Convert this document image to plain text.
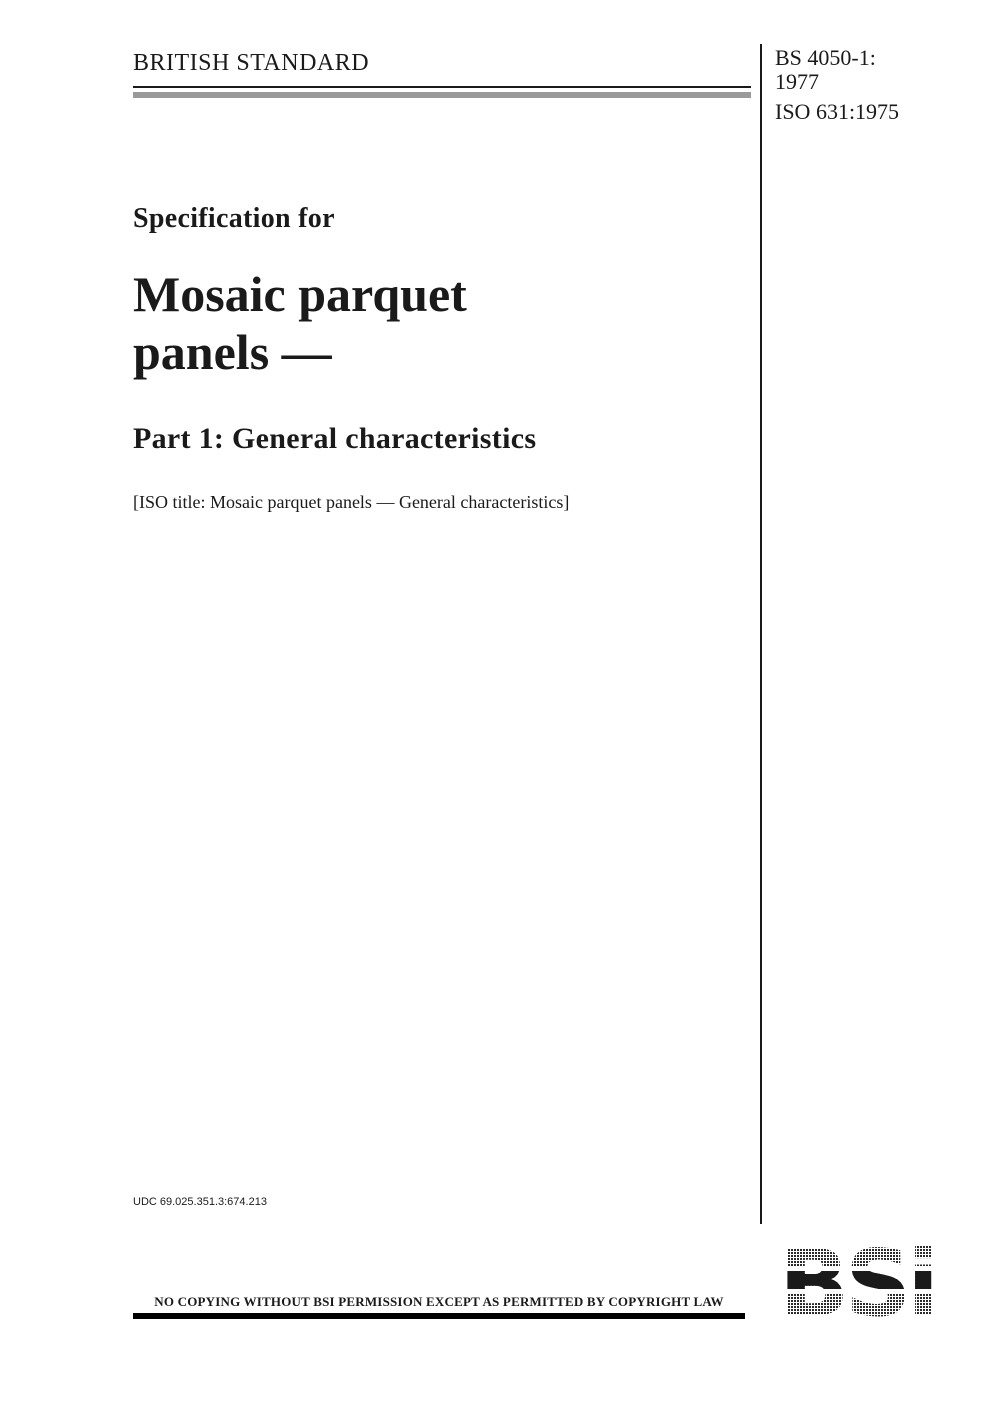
BRITISH STANDARD	BS 4050-1:
1977
ISO 631:1975
Specification for
Mosaic parquet
panels —
Part 1: General characteristics
[ISO title: Mosaic parquet panels — General characteristics]
UDC 69.025.351.3:674.213
NO COPYING WITHOUT BSI PERMISSION EXCEPT AS PERMITTED BY COPYRIGHT LAW
